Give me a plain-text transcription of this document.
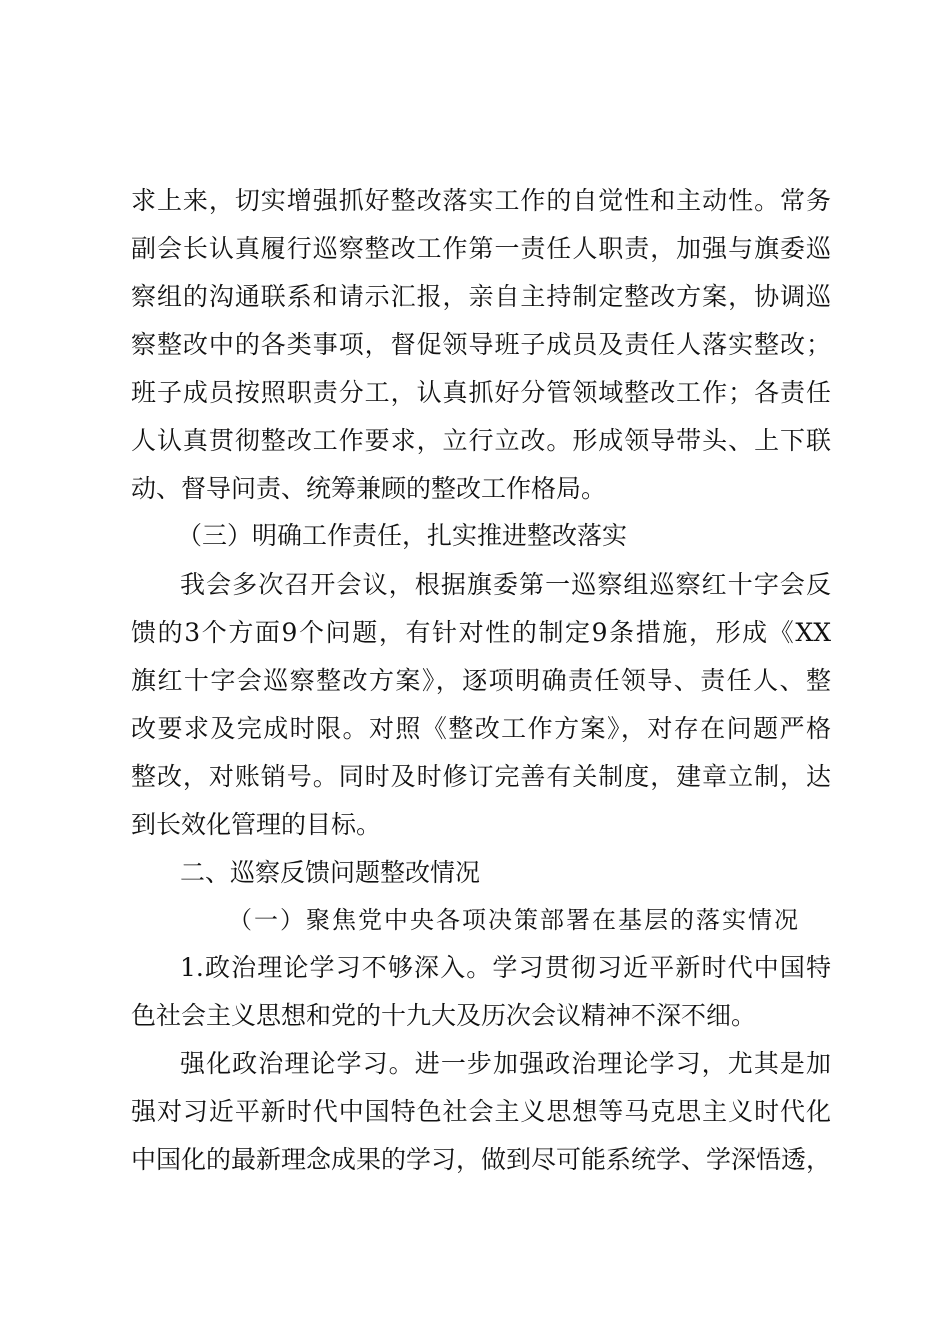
求上来，切实增强抓好整改落实工作的自觉性和主动性。常务
副会长认真履行巡察整改工作第一责任人职责，加强与旗委巡
察组的沟通联系和请示汇报，亲自主持制定整改方案，协调巡
察整改中的各类事项，督促领导班子成员及责任人落实整改；
班子成员按照职责分工，认真抓好分管领域整改工作；各责任
人认真贯彻整改工作要求，立行立改。形成领导带头、上下联
动、督导问责、统筹兼顾的整改工作格局。
（三）明确工作责任，扎实推进整改落实
我会多次召开会议，根据旗委第一巡察组巡察红十字会反
馈的3个方面9个问题，有针对性的制定9条措施，形成《XX
旗红十字会巡察整改方案》，逐项明确责任领导、责任人、整
改要求及完成时限。对照《整改工作方案》，对存在问题严格
整改，对账销号。同时及时修订完善有关制度，建章立制，达
到长效化管理的目标。
二、巡察反馈问题整改情况
（一）聚焦党中央各项决策部署在基层的落实情况
1.政治理论学习不够深入。学习贯彻习近平新时代中国特
色社会主义思想和党的十九大及历次会议精神不深不细。
强化政治理论学习。进一步加强政治理论学习，尤其是加
强对习近平新时代中国特色社会主义思想等马克思主义时代化
中国化的最新理念成果的学习，做到尽可能系统学、学深悟透，
